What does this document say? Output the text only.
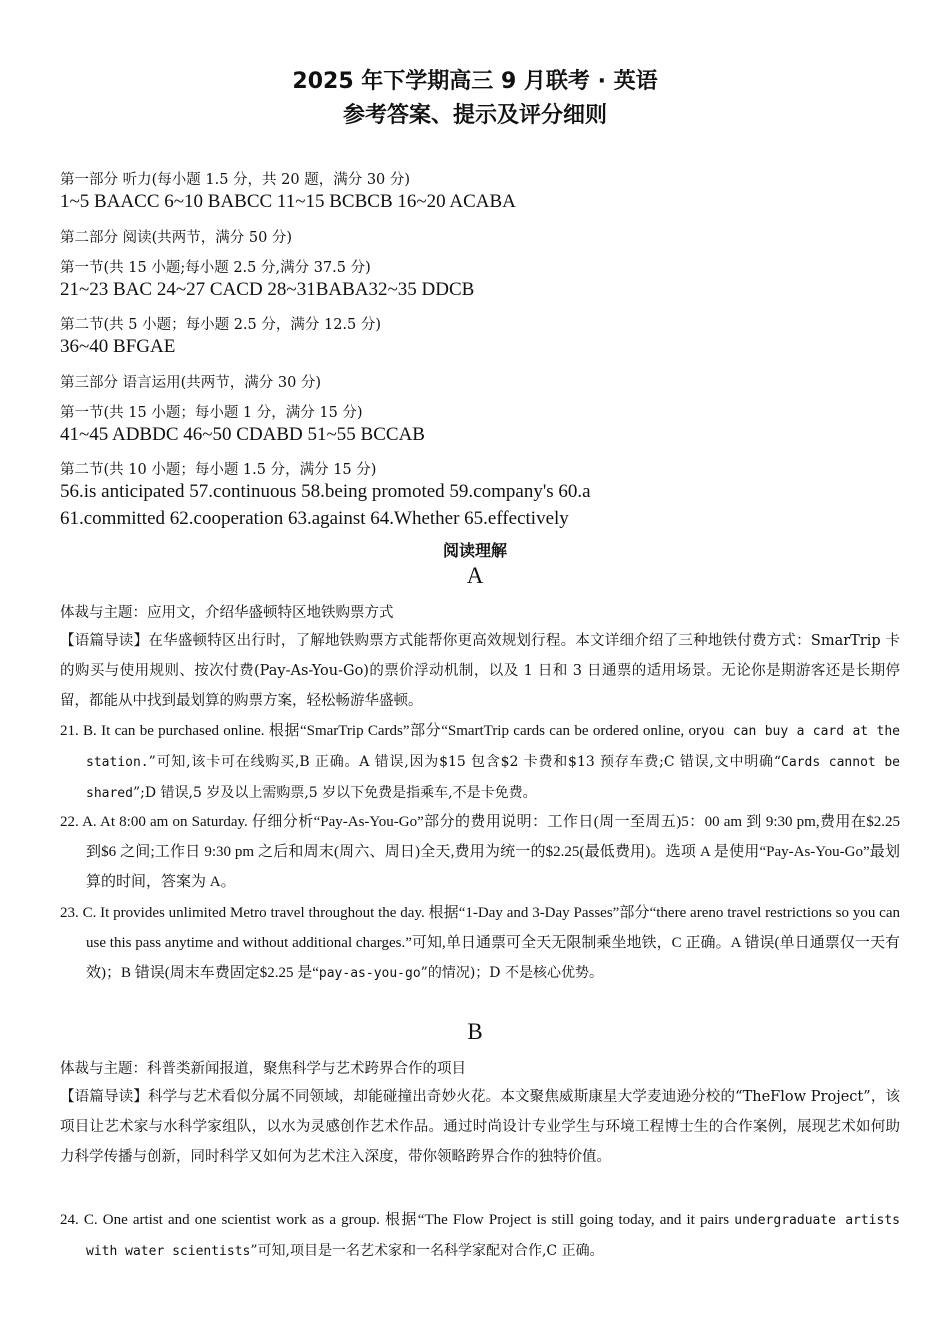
2025 年下学期高三 9 月联考 · 英语
参考答案、提示及评分细则
第一部分 听力(每小题 1.5 分，共 20 题，满分 30 分)
1~5 BAACC 6~10 BABCC 11~15 BCBCB 16~20 ACABA
第二部分 阅读(共两节，满分 50 分)
第一节(共 15 小题;每小题 2.5 分,满分 37.5 分)
21~23 BAC 24~27 CACD 28~31BABA32~35 DDCB
第二节(共 5 小题；每小题 2.5 分，满分 12.5 分)
36~40 BFGAE
第三部分 语言运用(共两节，满分 30 分)
第一节(共 15 小题；每小题 1 分，满分 15 分)
41~45 ADBDC 46~50 CDABD 51~55 BCCAB
第二节(共 10 小题；每小题 1.5 分，满分 15 分)
56.is anticipated 57.continuous 58.being promoted 59.company's 60.a
61.committed 62.cooperation 63.against 64.Whether 65.effectively
阅读理解
A
体裁与主题：应用文，介绍华盛顿特区地铁购票方式
【语篇导读】在华盛顿特区出行时，了解地铁购票方式能帮你更高效规划行程。本文详细介绍了三种地铁付费方式：SmarTrip 卡的购买与使用规则、按次付费(Pay-As-You-Go)的票价浮动机制，以及 1 日和 3 日通票的适用场景。无论你是期游客还是长期停留，都能从中找到最划算的购票方案，轻松畅游华盛顿。
21. B. It can be purchased online. 根据“SmarTrip Cards”部分“SmartTrip cards can be ordered online, oryou can buy a card at the station.”可知,该卡可在线购买,B 正确。A 错误,因为$15 包含$2 卡费和$13 预存车费;C 错误,文中明确“Cards cannot be shared”;D 错误,5 岁及以上需购票,5 岁以下免费是指乘车,不是卡免费。
22. A. At 8:00 am on Saturday. 仔细分析“Pay-As-You-Go”部分的费用说明：工作日(周一至周五)5：00 am 到 9:30 pm,费用在$2.25 到$6 之间;工作日 9:30 pm 之后和周末(周六、周日)全天,费用为统一的$2.25(最低费用)。选项 A 是使用“Pay-As-You-Go”最划算的时间，答案为 A。
23. C. It provides unlimited Metro travel throughout the day. 根据“1-Day and 3-Day Passes”部分“there areno travel restrictions so you can use this pass anytime and without additional charges.”可知,单日通票可全天无限制乘坐地铁，C 正确。A 错误(单日通票仅一天有效)；B 错误(周末车费固定$2.25 是“pay-as-you-go”的情况)；D 不是核心优势。
B
体裁与主题：科普类新闻报道，聚焦科学与艺术跨界合作的项目
【语篇导读】科学与艺术看似分属不同领域，却能碰撞出奇妙火花。本文聚焦威斯康星大学麦迪逊分校的“TheFlow Project”，该项目让艺术家与水科学家组队，以水为灵感创作艺术作品。通过时尚设计专业学生与环境工程博士生的合作案例，展现艺术如何助力科学传播与创新，同时科学又如何为艺术注入深度，带你领略跨界合作的独特价值。
24. C. One artist and one scientist work as a group. 根据“The Flow Project is still going today, and it pairs undergraduate artists with water scientists”可知,项目是一名艺术家和一名科学家配对合作,C 正确。
